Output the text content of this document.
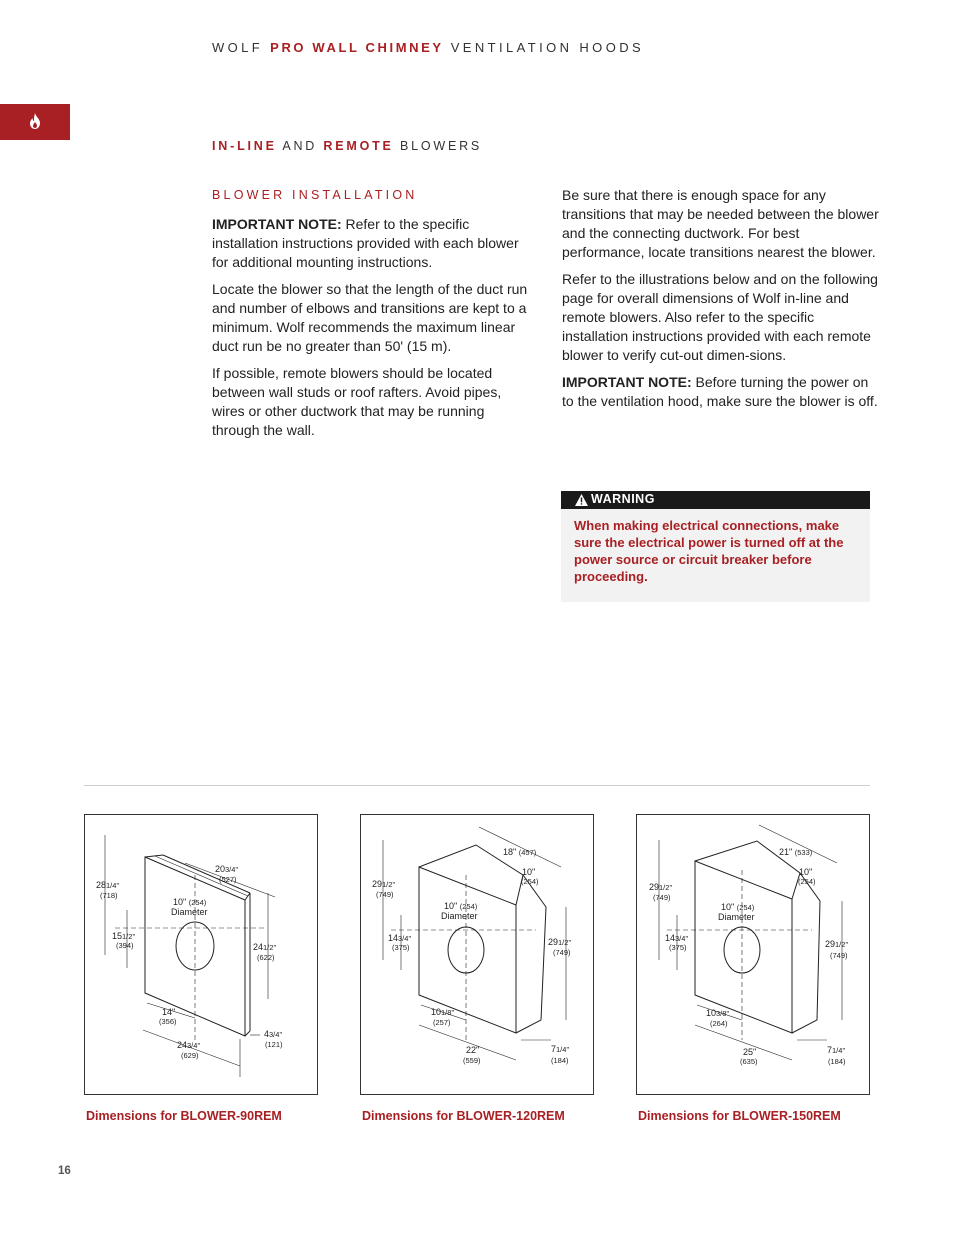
WOLF PRO WALL CHIMNEY VENTILATION HOODS
IN-LINE AND REMOTE BLOWERS
BLOWER INSTALLATION

IMPORTANT NOTE: Refer to the specific installation instructions provided with each blower for additional mounting instructions.

Locate the blower so that the length of the duct run and number of elbows and transitions are kept to a minimum. Wolf recommends the maximum linear duct run be no greater than 50' (15 m).

If possible, remote blowers should be located between wall studs or roof rafters. Avoid pipes, wires or other ductwork that may be running through the wall.

Be sure that there is enough space for any transitions that may be needed between the blower and the connecting ductwork. For best performance, locate transitions nearest the blower.

Refer to the illustrations below and on the following page for overall dimensions of Wolf in-line and remote blowers. Also refer to the specific installation instructions provided with each remote blower to verify cut-out dimen-sions.

IMPORTANT NOTE: Before turning the power on to the ventilation hood, make sure the blower is off.

WARNING
When making electrical connections, make sure the electrical power is turned off at the power source or circuit breaker before proceeding.
203/4"
(527)
281/4"
(718)
10" (254)
Diameter
151/2"
(394)	241/2"
(622)
14"
(356)
43/4"
(121)
243/4"
(629)
Dimensions for BLOWER-90REM
18" (457)
10"
(254)
291/2"
(749)
10" (254)
Diameter
143/4"
(375)
291/2"
(749)
101/8"
(257)
22"
(559)
71/4"
(184)
Dimensions for BLOWER-120REM
21" (533)
10"
(254)
291/2"
(749)
10" (254)
Diameter
143/4"
(375)	291/2"
(749)
103/8"
(264)
25"
(635)
71/4"
(184)
Dimensions for BLOWER-150REM
16
